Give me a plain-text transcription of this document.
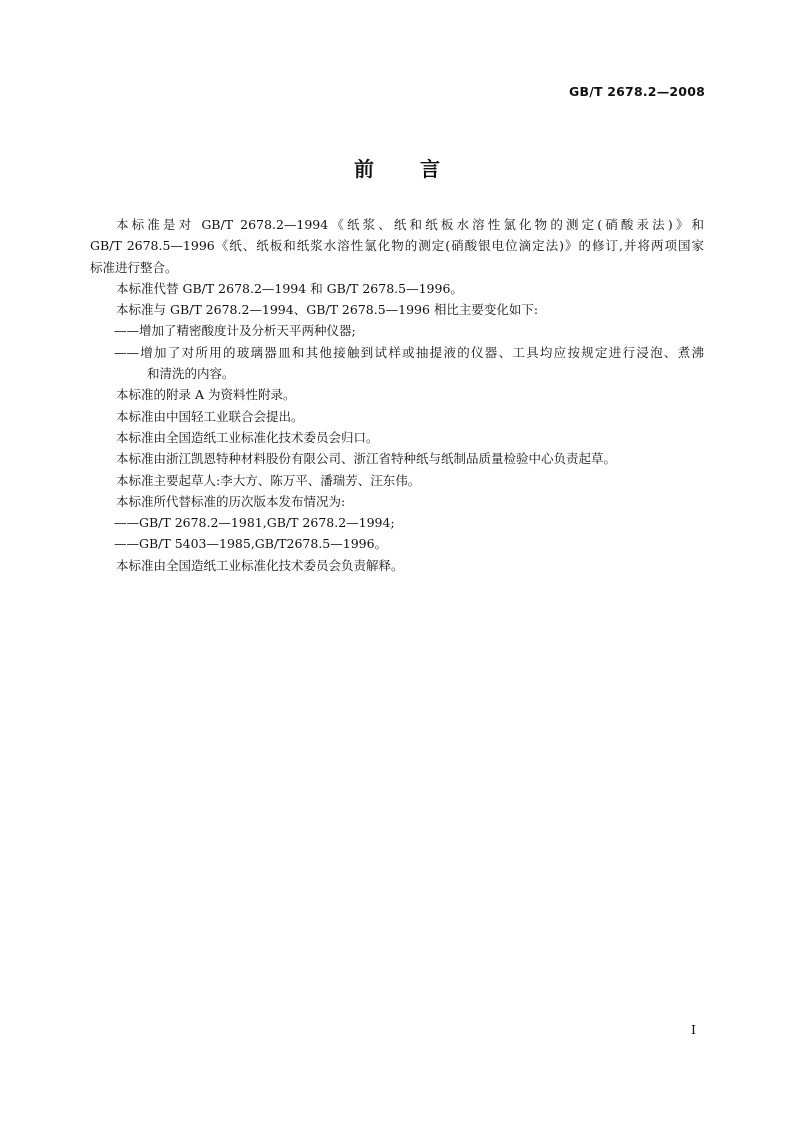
GB/T 2678.2—2008
前言
本标准是对 GB/T 2678.2—1994《纸浆、纸和纸板水溶性氯化物的测定(硝酸汞法)》和
GB/T 2678.5—1996《纸、纸板和纸浆水溶性氯化物的测定(硝酸银电位滴定法)》的修订,并将两项国家
标准进行整合。

本标准代替 GB/T 2678.2—1994 和 GB/T 2678.5—1996。

本标准与 GB/T 2678.2—1994、GB/T 2678.5—1996 相比主要变化如下:

——增加了精密酸度计及分析天平两种仪器;

——增加了对所用的玻璃器皿和其他接触到试样或抽提液的仪器、工具均应按规定进行浸泡、煮沸
和清洗的内容。

本标准的附录 A 为资料性附录。

本标准由中国轻工业联合会提出。

本标准由全国造纸工业标准化技术委员会归口。

本标准由浙江凯恩特种材料股份有限公司、浙江省特种纸与纸制品质量检验中心负责起草。

本标准主要起草人:李大方、陈万平、潘瑞芳、汪东伟。

本标准所代替标准的历次版本发布情况为:

——GB/T 2678.2—1981,GB/T 2678.2—1994;

——GB/T 5403—1985,GB/T2678.5—1996。

本标准由全国造纸工业标准化技术委员会负责解释。

I
